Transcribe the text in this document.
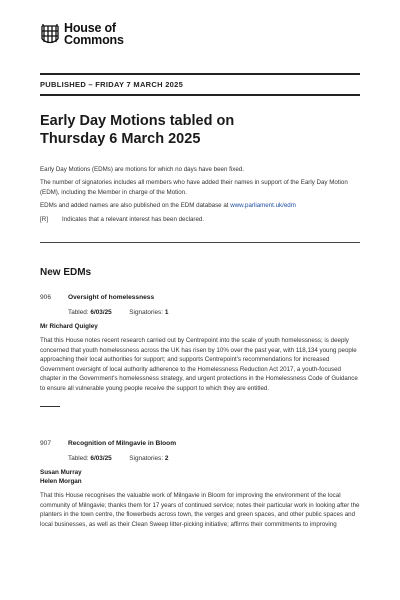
House of
Commons
PUBLISHED – FRIDAY 7 MARCH 2025
Early Day Motions tabled on
Thursday 6 March 2025

Early Day Motions (EDMs) are motions for which no days have been fixed.

The number of signatories includes all members who have added their names in support of the Early Day Motion (EDM), including the Member in charge of the Motion.

EDMs and added names are also published on the EDM database at www.parliament.uk/edm

[R]	Indicates that a relevant interest has been declared.
New EDMs
906	Oversight of homelessness
Tabled: 6/03/25	Signatories: 1
Mr Richard Quigley
That this House notes recent research carried out by Centrepoint into the scale of youth homelessness; is deeply concerned that youth homelessness across the UK has risen by 10% over the past year, with 118,134 young people approaching their local authorities for support; and supports Centrepoint's recommendations for increased Government oversight of local authority adherence to the Homelessness Reduction Act 2017, a youth-focused chapter in the Government's homelessness strategy, and urgent protections in the Homelessness Code of Guidance to ensure all vulnerable young people receive the support to which they are entitled.
907	Recognition of Milngavie in Bloom
Tabled: 6/03/25	Signatories: 2
Susan Murray
Helen Morgan
That this House recognises the valuable work of Milngavie in Bloom for improving the environment of the local community of Milngavie; thanks them for 17 years of continued service; notes their particular work in looking after the planters in the town centre, the flowerbeds across town, the verges and green spaces, and other public spaces and local businesses, as well as their Clean Sweep litter-picking initiative; affirms their commitments to improving
